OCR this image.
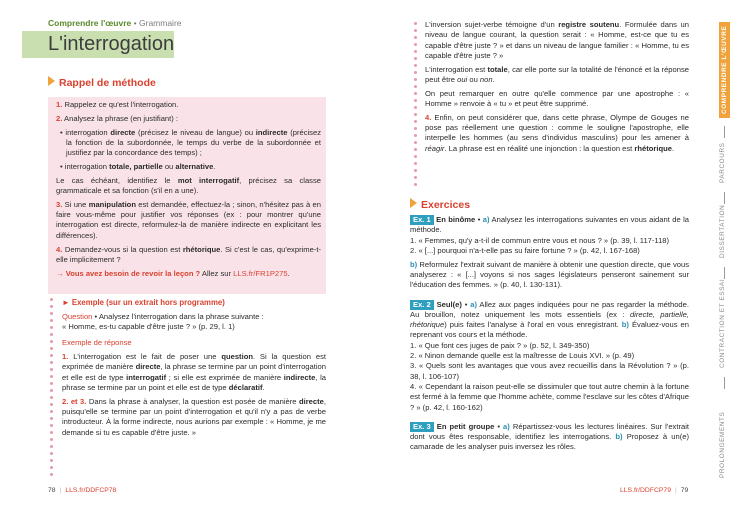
Comprendre l'œuvre • Grammaire
L'interrogation
Rappel de méthode

1. Rappelez ce qu'est l'interrogation.

2. Analysez la phrase (en justifiant) :

• interrogation directe (précisez le niveau de langue) ou indirecte (précisez la fonction de la subordonnée, le temps du verbe de la subordonnée et justifiez par la concordance des temps) ;

• interrogation totale, partielle ou alternative.

Le cas échéant, identifiez le mot interrogatif, précisez sa classe grammaticale et sa fonction (s'il en a une).

3. Si une manipulation est demandée, effectuez-la ; sinon, n'hésitez pas à en faire vous-même pour justifier vos réponses (ex : pour montrer qu'une interrogation est directe, reformulez-la de manière indirecte en explicitant les différences).

4. Demandez-vous si la question est rhétorique. Si c'est le cas, qu'exprime-t-elle implicitement ?

→ Vous avez besoin de revoir la leçon ? Allez sur LLS.fr/FR1P275.

► Exemple (sur un extrait hors programme)

Question • Analysez l'interrogation dans la phrase suivante :

« Homme, es-tu capable d'être juste ? » (p. 29, l. 1)

Exemple de réponse

1. L'interrogation est le fait de poser une question. Si la question est exprimée de manière directe, la phrase se termine par un point d'interrogation et elle est de type interrogatif ; si elle est exprimée de manière indirecte, la phrase se termine par un point et elle est de type déclaratif.

2. et 3. Dans la phrase à analyser, la question est posée de manière directe, puisqu'elle se termine par un point d'interrogation et qu'il n'y a pas de verbe introducteur. À la forme indirecte, nous aurions par exemple : « Homme, je me demande si tu es capable d'être juste. »

L'inversion sujet-verbe témoigne d'un registre soutenu. Formulée dans un niveau de langue courant, la question serait : « Homme, est-ce que tu es capable d'être juste ? » et dans un niveau de langue familier : « Homme, tu es capable d'être juste ? »

L'interrogation est totale, car elle porte sur la totalité de l'énoncé et la réponse peut être oui ou non.

On peut remarquer en outre qu'elle commence par une apostrophe : « Homme » renvoie à « tu » et peut être supprimé.

4. Enfin, on peut considérer que, dans cette phrase, Olympe de Gouges ne pose pas réellement une question : comme le souligne l'apostrophe, elle interpelle les hommes (au sens d'individus masculins) pour les amener à réagir. La phrase est en réalité une injonction : la question est rhétorique.

Exercices

Ex. 1 En binôme • a) Analysez les interrogations suivantes en vous aidant de la méthode.

1. « Femmes, qu'y a-t-il de commun entre vous et nous ? » (p. 39, l. 117-118)

2. « [...] pourquoi n'a-t-elle pas su faire fortune ? » (p. 42, l. 167-168)

b) Reformulez l'extrait suivant de manière à obtenir une question directe, que vous analyserez : « [...] voyons si nos sages législateurs penseront sainement sur l'éducation des femmes. » (p. 40, l. 130-131).

Ex. 2 Seul(e) • a) Allez aux pages indiquées pour ne pas regarder la méthode. Au brouillon, notez uniquement les mots essentiels (ex : directe, partielle, rhétorique) puis faites l'analyse à l'oral en vous enregistrant. b) Évaluez-vous en reprenant vos cours et la méthode.

1. « Que font ces juges de paix ? » (p. 52, l. 349-350)

2. « Ninon demande quelle est la maîtresse de Louis XVI. » (p. 49)

3. « Quels sont les avantages que vous avez recueillis dans la Révolution ? » (p. 38, l. 106-107)

4. « Cependant la raison peut-elle se dissimuler que tout autre chemin à la fortune est fermé à la femme que l'homme achète, comme l'esclave sur les côtes d'Afrique ? » (p. 42, l. 160-162)

Ex. 3 En petit groupe • a) Répartissez-vous les lectures linéaires. Sur l'extrait dont vous êtes responsable, identifiez les interrogations. b) Proposez à un(e) camarade de les analyser puis inversez les rôles.

COMPRENDRE L'ŒUVRE
PARCOURS
DISSERTATION
CONTRACTION ET ESSAI
PROLONGEMENTS
78 | LLS.fr/DDFCP78	LLS.fr/DDFCP79 | 79
